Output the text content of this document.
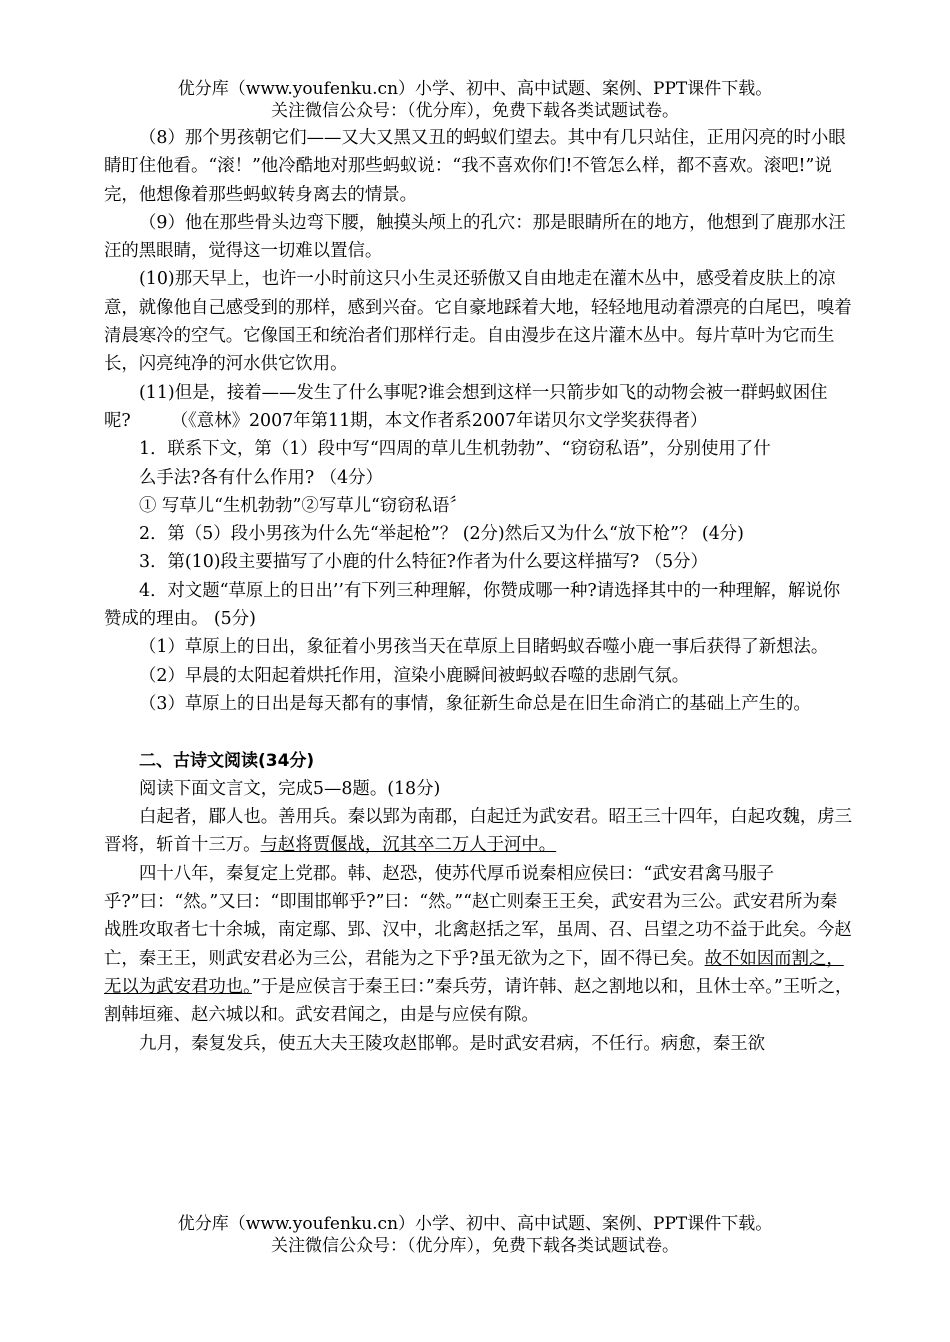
优分库（www.youfenku.cn）小学、初中、高中试题、案例、PPT课件下载。
关注微信公众号：（优分库），免费下载各类试题试卷。

（8）那个男孩朝它们——又大又黑又丑的蚂蚁们望去。其中有几只站住，正用闪亮的时小眼睛盯住他看。“滚！”他冷酷地对那些蚂蚁说：“我不喜欢你们!不管怎么样，都不喜欢。滚吧!”说完，他想像着那些蚂蚁转身离去的情景。

（9）他在那些骨头边弯下腰，触摸头颅上的孔穴：那是眼睛所在的地方，他想到了鹿那水汪汪的黑眼睛，觉得这一切难以置信。

(10)那天早上，也许一小时前这只小生灵还骄傲又自由地走在灌木丛中，感受着皮肤上的凉意，就像他自己感受到的那样，感到兴奋。它自豪地踩着大地，轻轻地甩动着漂亮的白尾巴，嗅着清晨寒冷的空气。它像国王和统治者们那样行走。自由漫步在这片灌木丛中。每片草叶为它而生长，闪亮纯净的河水供它饮用。

(11)但是，接着——发生了什么事呢?谁会想到这样一只箭步如飞的动物会被一群蚂蚁困住呢? （《意林》2007年第11期，本文作者系2007年诺贝尔文学奖获得者）

1．联系下文，第（1）段中写“四周的草儿生机勃勃”、“窃窃私语”，分别使用了什

么手法?各有什么作用? （4分）

① 写草儿“生机勃勃”②写草儿“窃窃私语〞

2．第（5）段小男孩为什么先“举起枪”？ (2分)然后又为什么“放下枪”？ (4分)

3．第(10)段主要描写了小鹿的什么特征?作者为什么要这样描写? （5分）

4．对文题“草原上的日出’’有下列三种理解，你赞成哪一种?请选择其中的一种理解，解说你赞成的理由。 (5分)

（1）草原上的日出，象征着小男孩当天在草原上目睹蚂蚁吞噬小鹿一事后获得了新想法。

（2）早晨的太阳起着烘托作用，渲染小鹿瞬间被蚂蚁吞噬的悲剧气氛。

（3）草原上的日出是每天都有的事情，象征新生命总是在旧生命消亡的基础上产生的。

二、古诗文阅读(34分)

阅读下面文言文，完成5—8题。(18分)

白起者，郿人也。善用兵。秦以郢为南郡，白起迁为武安君。昭王三十四年，白起攻魏，虏三晋将，斩首十三万。与赵将贾偃战，沉其卒二万人于河中。

四十八年，秦复定上党郡。韩、赵恐，使苏代厚币说秦相应侯曰：“武安君禽马服子乎?”曰：“然。”又曰：“即围邯郸乎?”曰：“然。”“赵亡则秦王王矣，武安君为三公。武安君所为秦战胜攻取者七十余城，南定鄢、郢、汉中，北禽赵括之军，虽周、召、吕望之功不益于此矣。今赵亡，秦王王，则武安君必为三公，君能为之下乎?虽无欲为之下，固不得已矣。故不如因而割之，无以为武安君功也。”于是应侯言于秦王曰：”秦兵劳，请许韩、赵之割地以和，且休士卒。”王听之，割韩垣雍、赵六城以和。武安君闻之，由是与应侯有隙。

九月，秦复发兵，使五大夫王陵攻赵邯郸。是时武安君病，不任行。病愈，秦王欲

优分库（www.youfenku.cn）小学、初中、高中试题、案例、PPT课件下载。
关注微信公众号：（优分库），免费下载各类试题试卷。
